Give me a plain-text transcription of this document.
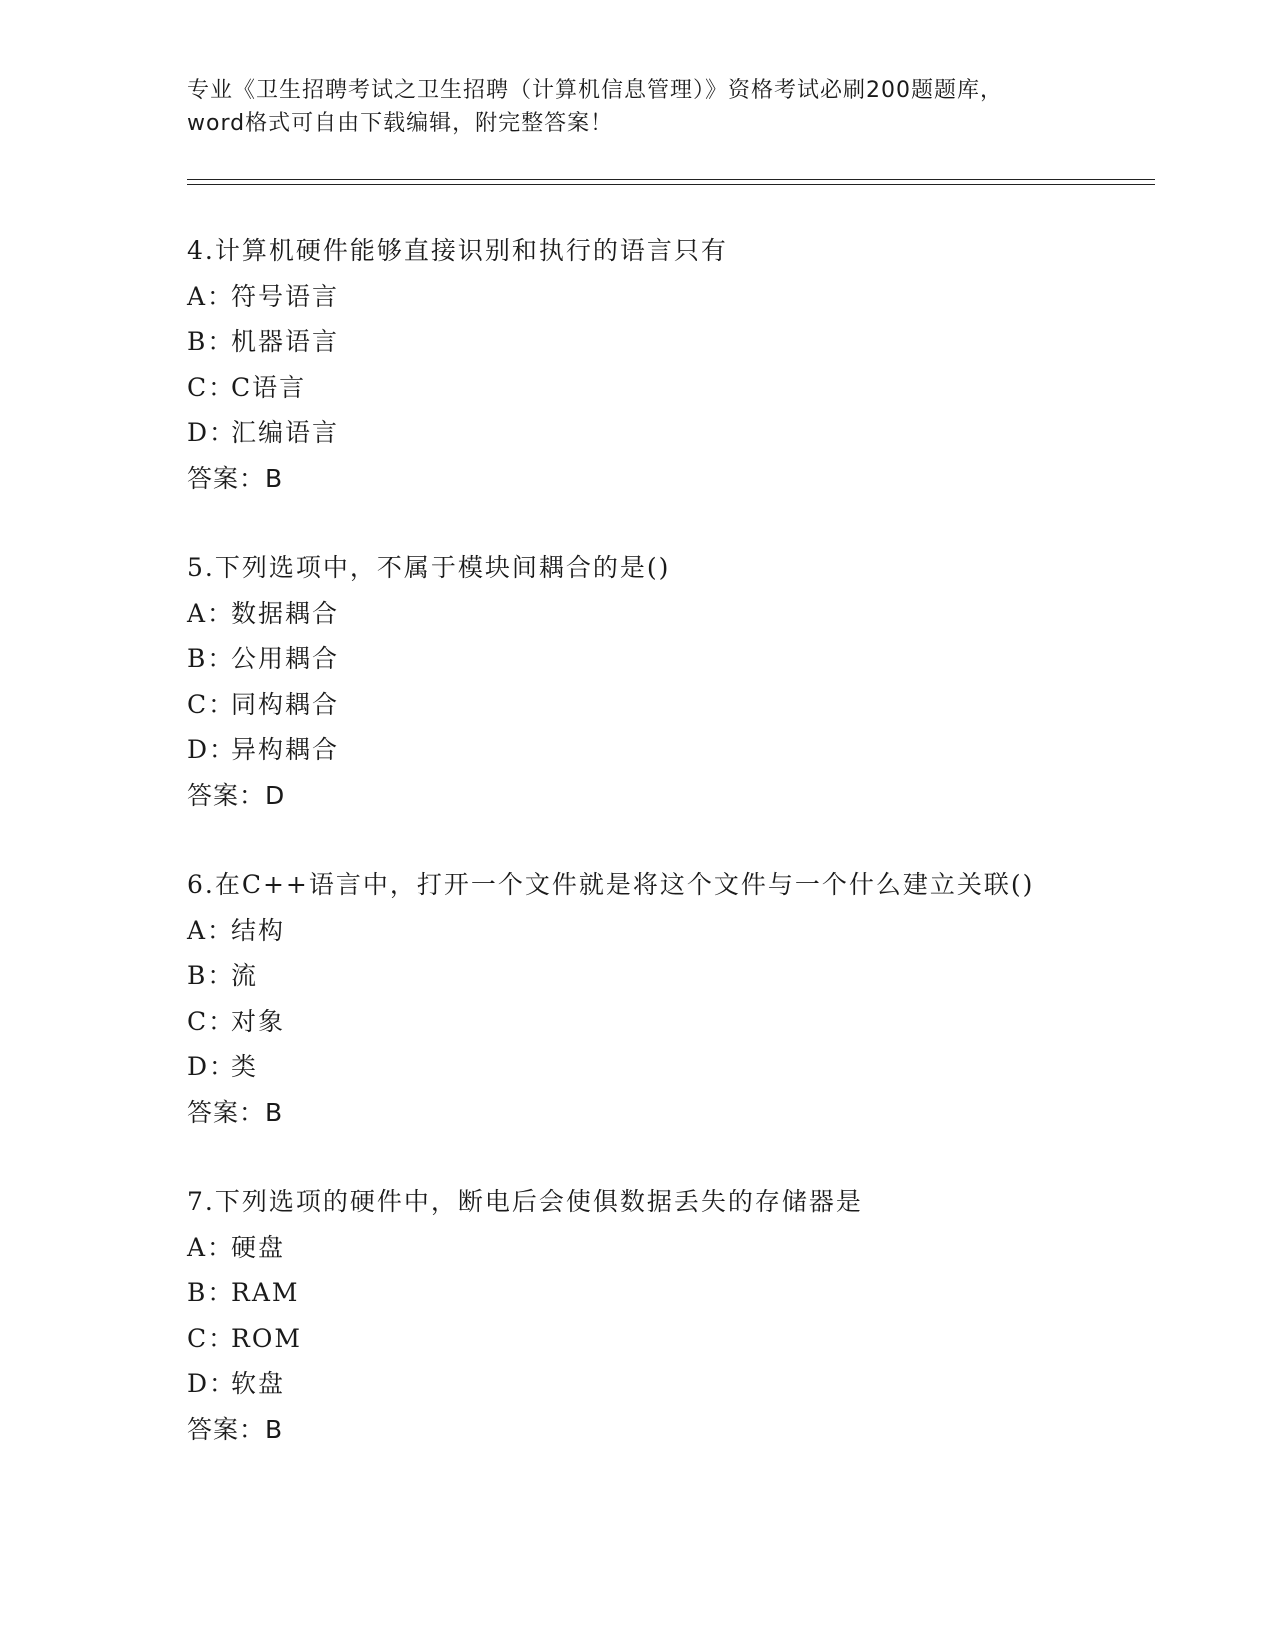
专业《卫生招聘考试之卫生招聘（计算机信息管理）》资格考试必刷200题题库，
word格式可自由下载编辑，附完整答案！
4.计算机硬件能够直接识别和执行的语言只有
A：符号语言
B：机器语言
C：C语言
D：汇编语言
答案：B
5.下列选项中，不属于模块间耦合的是()
A：数据耦合
B：公用耦合
C：同构耦合
D：异构耦合
答案：D
6.在C++语言中，打开一个文件就是将这个文件与一个什么建立关联()
A：结构
B：流
C：对象
D：类
答案：B
7.下列选项的硬件中，断电后会使俱数据丢失的存储器是
A：硬盘
B：RAM
C：ROM
D：软盘
答案：B
